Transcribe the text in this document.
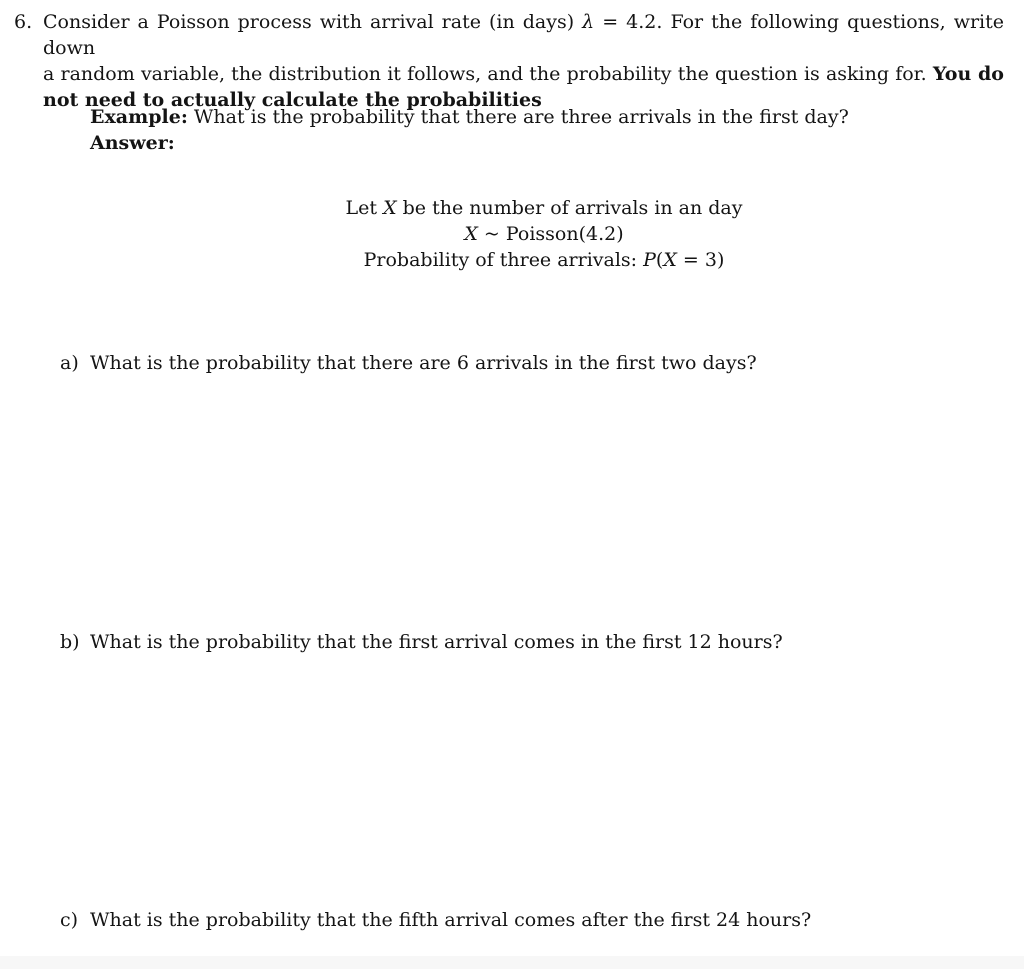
6. Consider a Poisson process with arrival rate (in days) λ = 4.2. For the following questions, write down
a random variable, the distribution it follows, and the probability the question is asking for. You do
not need to actually calculate the probabilities
Example: What is the probability that there are three arrivals in the first day?
Answer:
Let X be the number of arrivals in an day
X ~ Poisson(4.2)
Probability of three arrivals: P(X = 3)
a) What is the probability that there are 6 arrivals in the first two days?
b) What is the probability that the first arrival comes in the first 12 hours?
c) What is the probability that the fifth arrival comes after the first 24 hours?
